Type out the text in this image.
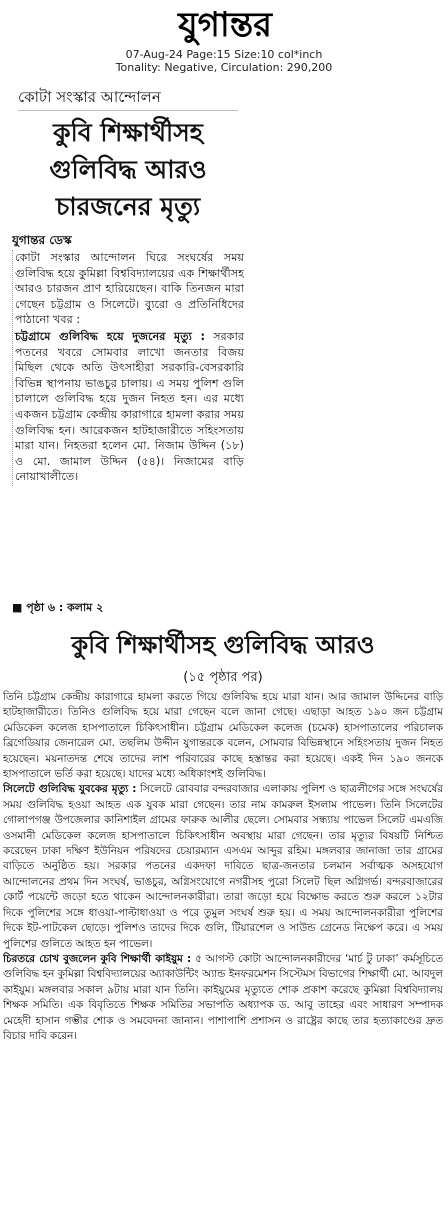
যুগান্তর
07-Aug-24 Page:15 Size:10 col*inch
Tonality: Negative, Circulation: 290,200
কোটা সংস্কার আন্দোলন
কুবি শিক্ষার্থীসহ
গুলিবিদ্ধ আরও
চারজনের মৃত্যু
যুগান্তর ডেস্ক

কোটা সংস্কার আন্দোলন ঘিরে সংঘর্ষের সময় গুলিবিদ্ধ হয়ে কুমিল্লা বিশ্ববিদ্যালয়ের এক শিক্ষার্থীসহ আরও চারজন প্রাণ হারিয়েছেন। বাকি তিনজন মারা গেছেন চট্টগ্রাম ও সিলেটে। ব্যুরো ও প্রতিনিধিদের পাঠানো খবর :

চট্টগ্রামে গুলিবিদ্ধ হয়ে দুজনের মৃত্যু : সরকার পতনের খবরে সোমবার লাখো জনতার বিজয় মিছিল থেকে অতি উৎসাহীরা সরকারি-বেসরকারি বিভিন্ন স্থাপনায় ভাঙচুর চালায়। এ সময় পুলিশ গুলি চালালে গুলিবিদ্ধ হয়ে দুজন নিহত হন। এর মধ্যে একজন চট্টগ্রাম কেন্দ্রীয় কারাগারে হামলা করার সময় গুলিবিদ্ধ হন। আরেকজন হাটহাজারীতে সহিংসতায় মারা যান। নিহতরা হলেন মো. নিজাম উদ্দিন (১৮) ও মো. জামাল উদ্দিন (৫৪)। নিজামের বাড়ি নোয়াখালীতে।

■ পৃষ্ঠা ৬ : কলাম ২
কুবি শিক্ষার্থীসহ গুলিবিদ্ধ আরও
(১৫ পৃষ্ঠার পর)

তিনি চট্টগ্রাম কেন্দ্রীয় কারাগারে হামলা করতে গিয়ে গুলিবিদ্ধ হয়ে মারা যান। আর জামাল উদ্দিনের বাড়ি হাটহাজারীতে। তিনিও গুলিবিদ্ধ হয়ে মারা গেছেন বলে জানা গেছে। এছাড়া আহত ১৯০ জন চট্টগ্রাম মেডিকেল কলেজ হাসপাতালে চিকিৎসাধীন। চট্টগ্রাম মেডিকেল কলেজ (চমেক) হাসপাতালের পরিচালক ব্রিগেডিয়ার জেনারেল মো. তছলিম উদ্দীন যুগান্তরকে বলেন, সোমবার বিভিন্নস্থানে সহিংসতায় দুজন নিহত হয়েছেন। ময়নাতদন্ত শেষে তাদের লাশ পরিবারের কাছে হস্তান্তর করা হয়েছে। একই দিন ১৯০ জনকে হাসপাতালে ভর্তি করা হয়েছে। যাদের মধ্যে অধিকাংশই গুলিবিদ্ধ।

সিলেটে গুলিবিদ্ধ যুবকের মৃত্যু : সিলেটে রোববার বন্দরবাজার এলাকায় পুলিশ ও ছাত্রলীগের সঙ্গে সংঘর্ষের সময় গুলিবিদ্ধ হওয়া আহত এক যুবক মারা গেছেন। তার নাম কামরুল ইসলাম পাভেল। তিনি সিলেটের গোলাপগঞ্জ উপজেলার কানিশাইল গ্রামের ফারুক আলীর ছেলে। সোমবার সন্ধ্যায় পাভেল সিলেট এমএজি ওসমানী মেডিকেল কলেজ হাসপাতালে চিকিৎসাধীন অবস্থায় মারা গেছেন। তার মৃত্যুর বিষয়টি নিশ্চিত করেছেন ঢাকা দক্ষিণ ইউনিয়ন পরিষদের চেয়ারম্যান এসএম আব্দুর রহিম। মঙ্গলবার জানাজা তার গ্রামের বাড়িতে অনুষ্ঠিত হয়। সরকার পতনের একদফা দাবিতে ছাত্র-জনতার চলমান সর্বাত্মক অসহযোগ আন্দোলনের প্রথম দিন সংঘর্ষ, ভাঙচুর, অগ্নিসংযোগে নগরীসহ পুরো সিলেট ছিল অগ্নিগর্ভ। বন্দরবাজারের কোর্ট পয়েন্টে জড়ো হতে থাকেন আন্দোলনকারীরা। তারা জড়ো হয়ে বিক্ষোভ করতে শুরু করলে ১২টার দিকে পুলিশের সঙ্গে ধাওয়া-পাল্টাধাওয়া ও পরে তুমুল সংঘর্ষ শুরু হয়। এ সময় আন্দোলনকারীরা পুলিশের দিকে ইট-পাটকেল ছোড়ে। পুলিশও তাদের দিকে গুলি, টিয়ারশেল ও সাউন্ড গ্রেনেড নিক্ষেপ করে। এ সময় পুলিশের গুলিতে আহত হন পাভেল।

চিরতরে চোখ বুজলেন কুবি শিক্ষার্থী কাইয়ুম : ৫ আগস্ট কোটা আন্দোলনকারীদের ‘মার্চ টু ঢাকা’ কর্মসূচিতে গুলিবিদ্ধ হন কুমিল্লা বিশ্ববিদ্যালয়ের অ্যাকাউন্টিং অ্যান্ড ইনফরমেশন সিস্টেমস বিভাগের শিক্ষার্থী মো. আবদুল কাইয়ুম। মঙ্গলবার সকাল ৯টায় মারা যান তিনি। কাইয়ুমের মৃত্যুতে শোক প্রকাশ করেছে কুমিল্লা বিশ্ববিদ্যালয় শিক্ষক সমিতি। এক বিবৃতিতে শিক্ষক সমিতির সভাপতি অধ্যাপক ড. আবু তাহের এবং সাধারণ সম্পাদক মেহেদী হাসান গম্ভীর শোক ও সমবেদনা জানান। পাশাপাশি প্রশাসন ও রাষ্ট্রের কাছে তার হত্যাকাণ্ডের দ্রুত বিচার দাবি করেন।
